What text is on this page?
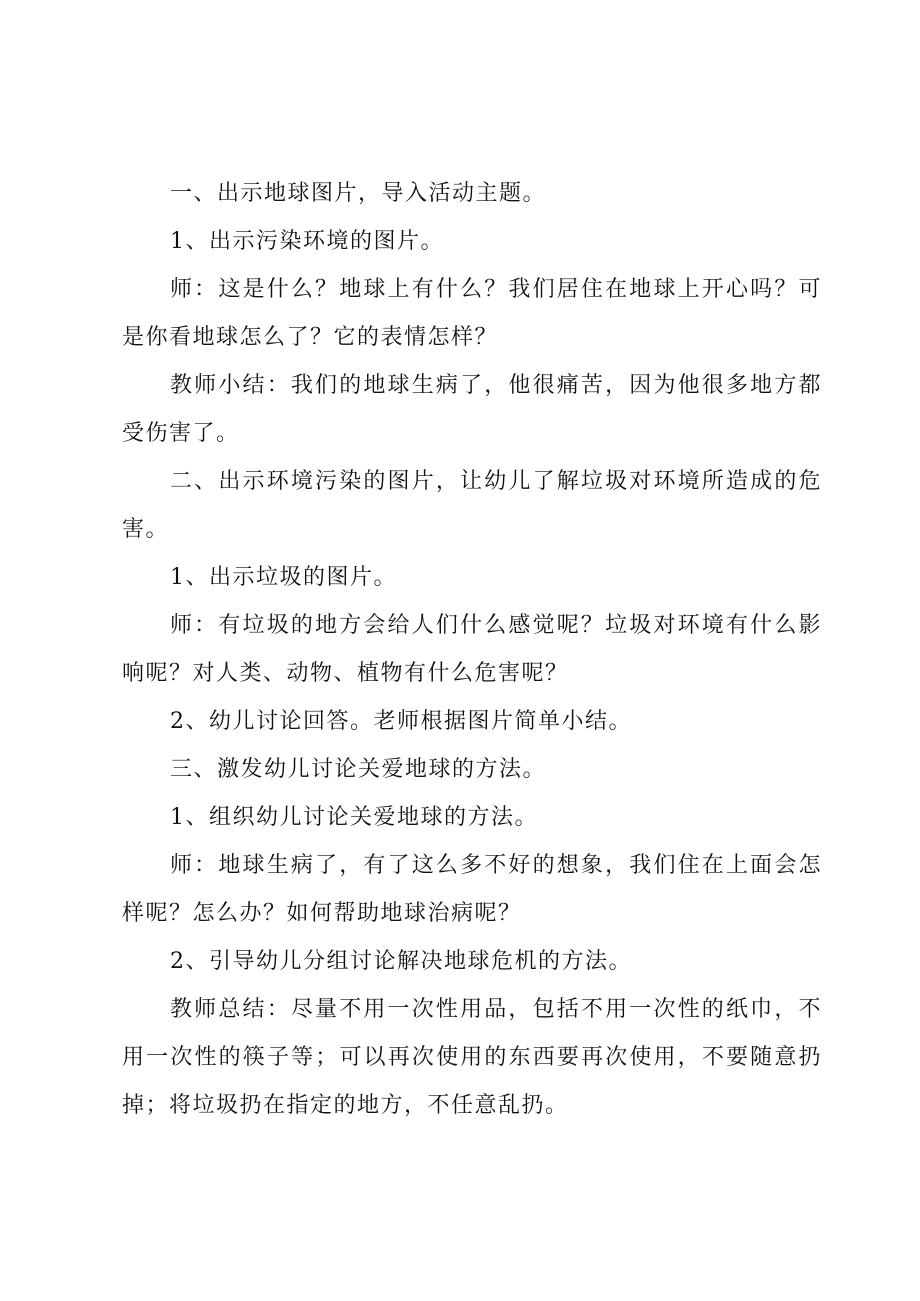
一、出示地球图片，导入活动主题。

1、出示污染环境的图片。

师：这是什么？地球上有什么？我们居住在地球上开心吗？可是你看地球怎么了？它的表情怎样？

教师小结：我们的地球生病了，他很痛苦，因为他很多地方都受伤害了。

二、出示环境污染的图片，让幼儿了解垃圾对环境所造成的危害。

1、出示垃圾的图片。

师：有垃圾的地方会给人们什么感觉呢？垃圾对环境有什么影响呢？对人类、动物、植物有什么危害呢？

2、幼儿讨论回答。老师根据图片简单小结。

三、激发幼儿讨论关爱地球的方法。

1、组织幼儿讨论关爱地球的方法。

师：地球生病了，有了这么多不好的想象，我们住在上面会怎样呢？怎么办？如何帮助地球治病呢？

2、引导幼儿分组讨论解决地球危机的方法。

教师总结：尽量不用一次性用品，包括不用一次性的纸巾，不用一次性的筷子等；可以再次使用的东西要再次使用，不要随意扔掉；将垃圾扔在指定的地方，不任意乱扔。
